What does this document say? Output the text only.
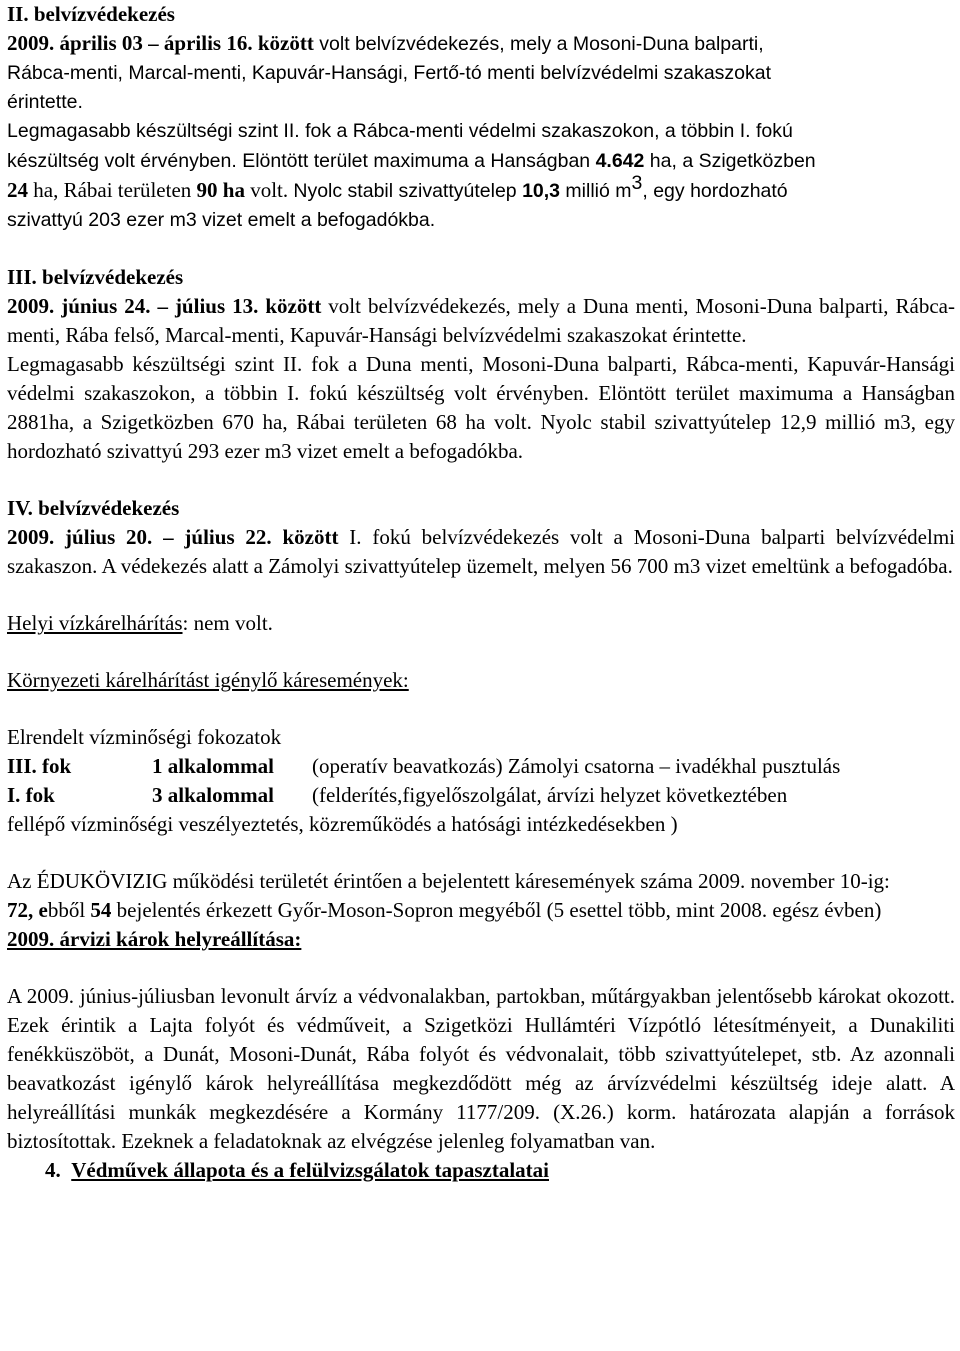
II. belvízvédekezés

2009. április 03 – április 16. között volt belvízvédekezés, mely a Mosoni-Duna balparti,

Rábca-menti, Marcal-menti, Kapuvár-Hansági, Fertő-tó menti belvízvédelmi szakaszokat

érintette.

Legmagasabb készültségi szint II. fok a Rábca-menti védelmi szakaszokon, a többin I. fokú

készültség volt érvényben. Elöntött terület maximuma a Hanságban 4.642 ha, a Szigetközben

24 ha, Rábai területen 90 ha volt. Nyolc stabil szivattyútelep 10,3 millió $m^3$, egy hordozható

szivattyú 203 ezer m3 vizet emelt a befogadókba.

III. belvízvédekezés

2009. június 24. – július 13. között volt belvízvédekezés, mely a Duna menti, Mosoni-Duna balparti, Rábca-menti, Rába felső, Marcal-menti, Kapuvár-Hansági belvízvédelmi szakaszokat érintette.

Legmagasabb készültségi szint II. fok a Duna menti, Mosoni-Duna balparti, Rábca-menti, Kapuvár-Hansági védelmi szakaszokon, a többin I. fokú készültség volt érvényben. Elöntött terület maximuma a Hanságban 2881ha, a Szigetközben 670 ha, Rábai területen 68 ha volt. Nyolc stabil szivattyútelep 12,9 millió m3, egy hordozható szivattyú 293 ezer m3 vizet emelt a befogadókba.

IV. belvízvédekezés

2009. július 20. – július 22. között I. fokú belvízvédekezés volt a Mosoni-Duna balparti belvízvédelmi szakaszon. A védekezés alatt a Zámolyi szivattyútelep üzemelt, melyen 56 700 m3 vizet emeltünk a befogadóba.

Helyi vízkárelhárítás: nem volt.

Környezeti kárelhárítást igénylő káresemények:

Elrendelt vízminőségi fokozatok

III. fok	1 alkalommal	(operatív beavatkozás) Zámolyi csatorna – ivadékhal pusztulás
I. fok	3 alkalommal	(felderítés,figyelőszolgálat, árvízi helyzet következtében

fellépő vízminőségi veszélyeztetés, közreműködés a hatósági intézkedésekben )

Az ÉDUKÖVIZIG működési területét érintően a bejelentett káresemények száma 2009. november 10-ig: 72, ebből 54 bejelentés érkezett Győr-Moson-Sopron megyéből (5 esettel több, mint 2008. egész évben)

2009. árvizi károk helyreállítása:

A 2009. június-júliusban levonult árvíz a védvonalakban, partokban, műtárgyakban jelentősebb károkat okozott. Ezek érintik a Lajta folyót és védműveit, a Szigetközi Hullámtéri Vízpótló létesítményeit, a Dunakiliti fenékküszöböt, a Dunát, Mosoni-Dunát, Rába folyót és védvonalait, több szivattyútelepet, stb. Az azonnali beavatkozást igénylő károk helyreállítása megkezdődött még az árvízvédelmi készültség ideje alatt. A helyreállítási munkák megkezdésére a Kormány 1177/209. (X.26.) korm. határozata alapján a források biztosítottak. Ezeknek a feladatoknak az elvégzése jelenleg folyamatban van.

4. Védművek állapota és a felülvizsgálatok tapasztalatai
